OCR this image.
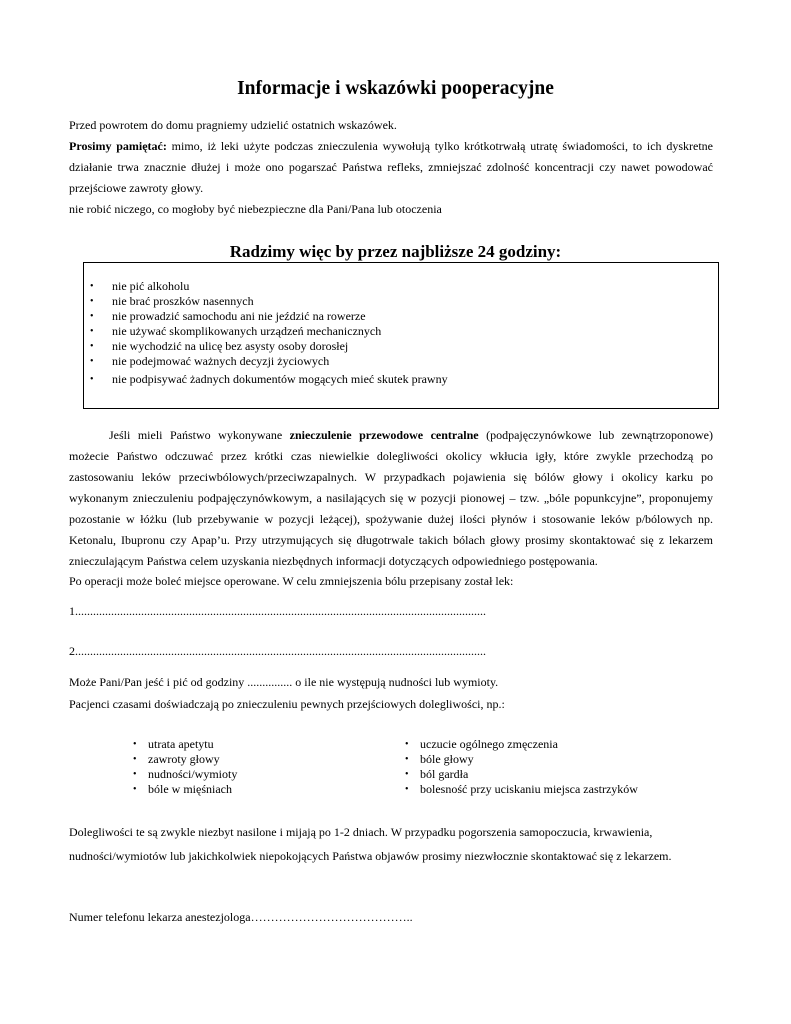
Informacje i wskazówki pooperacyjne

Przed powrotem do domu pragniemy udzielić ostatnich wskazówek.

Prosimy pamiętać: mimo, iż leki użyte podczas znieczulenia wywołują tylko krótkotrwałą utratę świadomości, to ich dyskretne

działanie trwa znacznie dłużej i może ono pogarszać Państwa refleks, zmniejszać zdolność koncentracji czy nawet powodować

przejściowe zawroty głowy.

nie robić niczego, co mogłoby być niebezpieczne dla Pani/Pana lub otoczenia

Radzimy więc by przez najbliższe 24 godziny:
• nie pić alkoholu
• nie brać proszków nasennych
• nie prowadzić samochodu ani nie jeździć na rowerze
• nie używać skomplikowanych urządzeń mechanicznych
• nie wychodzić na ulicę bez asysty osoby dorosłej
• nie podejmować ważnych decyzji życiowych
• nie podpisywać żadnych dokumentów mogących mieć skutek prawny

Jeśli mieli Państwo wykonywane znieczulenie przewodowe centralne (podpajęczynówkowe lub zewnątrzoponowe)

możecie Państwo odczuwać przez krótki czas niewielkie dolegliwości okolicy wkłucia igły, które zwykle przechodzą po

zastosowaniu leków przeciwbólowych/przeciwzapalnych. W przypadkach pojawienia się bólów głowy i okolicy karku po

wykonanym znieczuleniu podpajęczynówkowym, a nasilających się w pozycji pionowej – tzw. „bóle popunkcyjne”, proponujemy

pozostanie w łóżku (lub przebywanie w pozycji leżącej), spożywanie dużej ilości płynów i stosowanie leków p/bólowych np.

Ketonalu, Ibupronu czy Apap’u. Przy utrzymujących się długotrwale takich bólach głowy prosimy skontaktować się z lekarzem

znieczulającym Państwa celem uzyskania niezbędnych informacji dotyczących odpowiedniego postępowania.

Po operacji może boleć miejsce operowane. W celu zmniejszenia bólu przepisany został lek:

1.........................................................................................................................................

2.........................................................................................................................................

Może Pani/Pan jeść i pić od godziny ............... o ile nie występują nudności lub wymioty.

Pacjenci czasami doświadczają po znieczuleniu pewnych przejściowych dolegliwości, np.:

• utrata apetytu
• zawroty głowy
• nudności/wymioty
• bóle w mięśniach
• uczucie ogólnego zmęczenia
• bóle głowy
• ból gardła
• bolesność przy uciskaniu miejsca zastrzyków

Dolegliwości te są zwykle niezbyt nasilone i mijają po 1-2 dniach. W przypadku pogorszenia samopoczucia, krwawienia,

nudności/wymiotów lub jakichkolwiek niepokojących Państwa objawów prosimy niezwłocznie skontaktować się z lekarzem.

Numer telefonu lekarza anestezjologa…………………………………..
